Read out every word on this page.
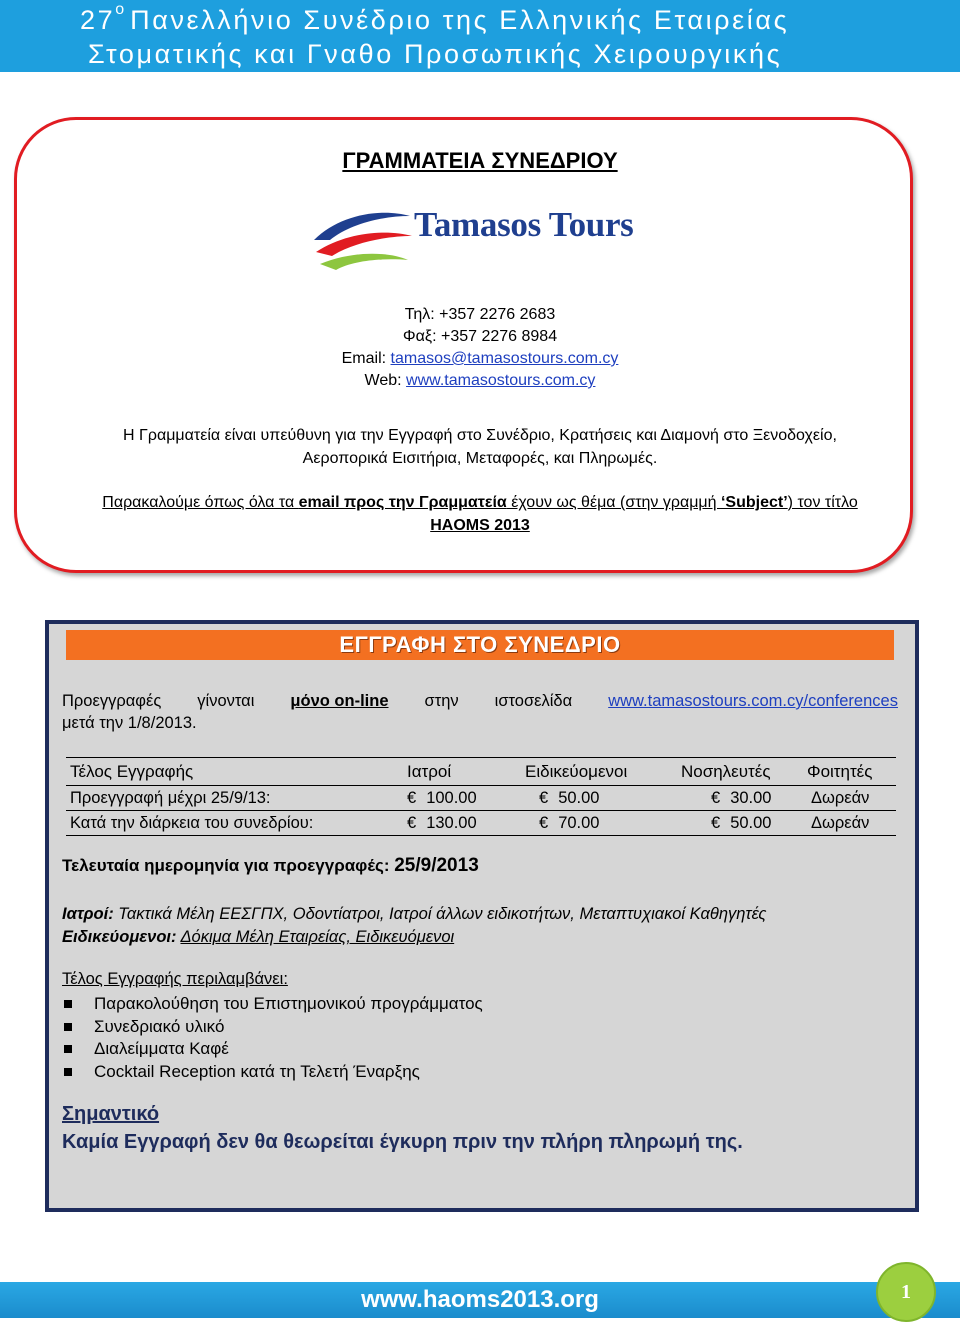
$27^o$ Πανελλήνιο Συνέδριο της Ελληνικής Εταιρείας
Στοματικής και Γναθο Προσωπικής Χειρουργικής
ΓΡΑΜΜΑΤΕΙΑ ΣΥΝΕΔΡΙΟΥ
Tamasos Tours
Τηλ: +357 2276 2683
Φαξ: +357 2276 8984
Email: tamasos@tamasostours.com.cy
Web: www.tamasostours.com.cy
Η Γραμματεία είναι υπεύθυνη για την Εγγραφή στο Συνέδριο, Κρατήσεις και Διαμονή στο Ξενοδοχείο, Αεροπορικά Εισιτήρια, Μεταφορές, και Πληρωμές.
Παρακαλούμε όπως όλα τα email προς την Γραμματεία έχουν ως θέμα (στην γραμμή ‘Subject’) τον τίτλο HAOMS 2013
ΕΓΓΡΑΦΗ ΣΤΟ ΣΥΝΕΔΡΙΟ
Προεγγραφές γίνονται μόνο on-line στην ιστοσελίδα www.tamasostours.com.cy/conferences
μετά την 1/8/2013.
Τέλος Εγγραφής	Ιατροί	Ειδικεύομενοι	Νοσηλευτές	Φοιτητές
Προεγγραφή μέχρι 25/9/13:	€ 100.00	€ 50.00	€ 30.00	Δωρεάν
Κατά την διάρκεια του συνεδρίου:	€ 130.00	€ 70.00	€ 50.00	Δωρεάν
Τελευταία ημερομηνία για προεγγραφές: 25/9/2013
Ιατροί: Τακτικά Μέλη ΕΕΣΓΠΧ, Οδοντίατροι, Ιατροί άλλων ειδικοτήτων, Μεταπτυχιακοί Καθηγητές
Ειδικεύομενοι: Δόκιμα Μέλη Εταιρείας, Ειδικευόμενοι
Τέλος Εγγραφής περιλαμβάνει:
Παρακολούθηση του Επιστημονικού προγράμματος
Συνεδριακό υλικό
Διαλείμματα Καφέ
Cocktail Reception κατά τη Τελετή Έναρξης
Σημαντικό
Καμία Εγγραφή δεν θα θεωρείται έγκυρη πριν την πλήρη πληρωμή της.
www.haoms2013.org	1
